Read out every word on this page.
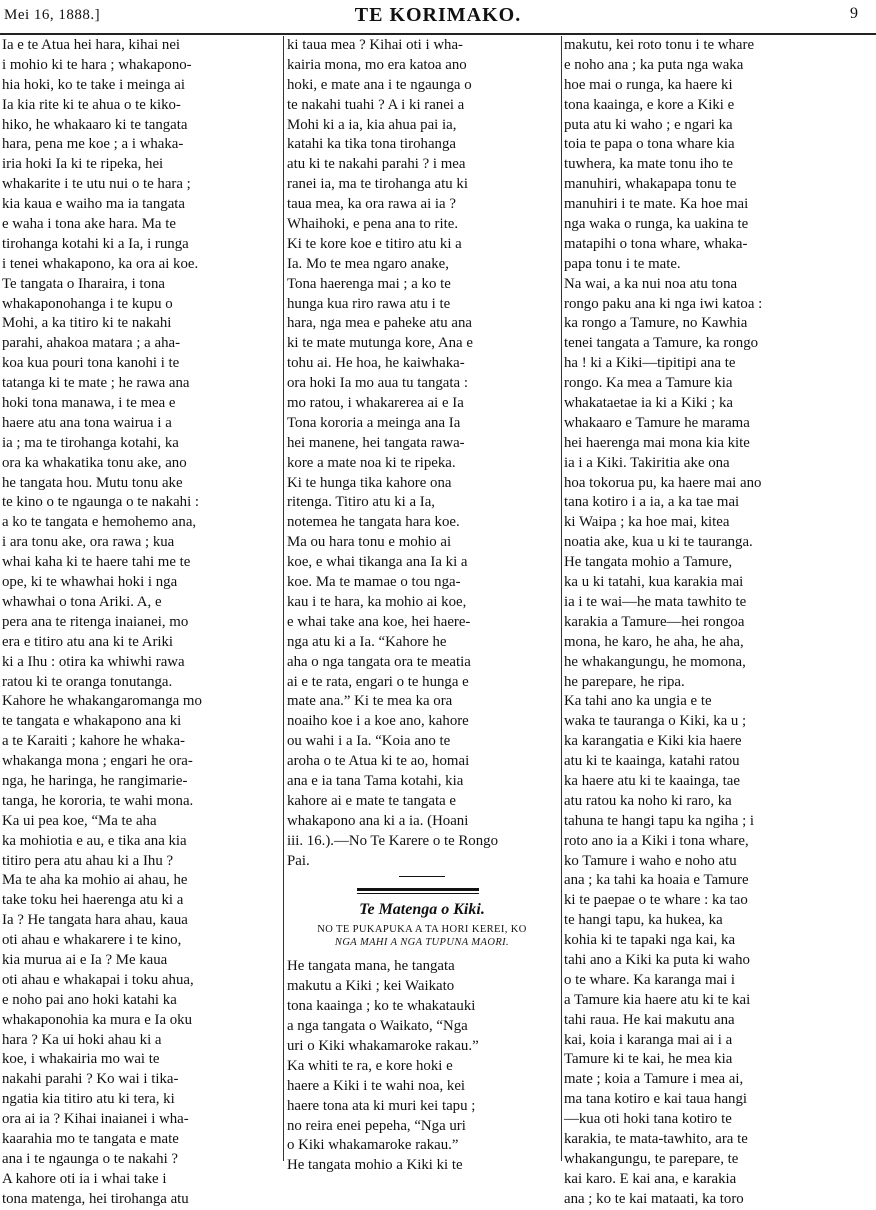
Mei 16, 1888.]	TE KORIMAKO.	9
Ia e te Atua hei hara, kihai nei
i mohio ki te hara ; whakapono-
hia hoki, ko te take i meinga ai
Ia kia rite ki te ahua o te kiko-
hiko, he whakaaro ki te tangata
hara, pena me koe ; a i whaka-
iria hoki Ia ki te ripeka, hei
whakarite i te utu nui o te hara ;
kia kaua e waiho ma ia tangata
e waha i tona ake hara. Ma te
tirohanga kotahi ki a Ia, i runga
i tenei whakapono, ka ora ai koe.
Te tangata o Iharaira, i tona
whakaponohanga i te kupu o
Mohi, a ka titiro ki te nakahi
parahi, ahakoa matara ; a aha-
koa kua pouri tona kanohi i te
tatanga ki te mate ; he rawa ana
hoki tona manawa, i te mea e
haere atu ana tona wairua i a
ia ; ma te tirohanga kotahi, ka
ora ka whakatika tonu ake, ano
he tangata hou. Mutu tonu ake
te kino o te ngaunga o te nakahi :
a ko te tangata e hemohemo ana,
i ara tonu ake, ora rawa ; kua
whai kaha ki te haere tahi me te
ope, ki te whawhai hoki i nga
whawhai o tona Ariki. A, e
pera ana te ritenga inaianei, mo
era e titiro atu ana ki te Ariki
ki a Ihu : otira ka whiwhi rawa
ratou ki te oranga tonutanga.
Kahore he whakangaromanga mo
te tangata e whakapono ana ki
a te Karaiti ; kahore he whaka-
whakanga mona ; engari he ora-
nga, he haringa, he rangimarie-
tanga, he kororia, te wahi mona.
Ka ui pea koe, “Ma te aha
ka mohiotia e au, e tika ana kia
titiro pera atu ahau ki a Ihu ?
Ma te aha ka mohio ai ahau, he
take toku hei haerenga atu ki a
Ia ? He tangata hara ahau, kaua
oti ahau e whakarere i te kino,
kia murua ai e Ia ? Me kaua
oti ahau e whakapai i toku ahua,
e noho pai ano hoki katahi ka
whakaponohia ka mura e Ia oku
hara ? Ka ui hoki ahau ki a
koe, i whakairia mo wai te
nakahi parahi ? Ko wai i tika-
ngatia kia titiro atu ki tera, ki
ora ai ia ? Kihai inaianei i wha-
kaarahia mo te tangata e mate
ana i te ngaunga o te nakahi ?
A kahore oti ia i whai take i
tona matenga, hei tirohanga atu
ki taua mea ? Kihai oti i wha-
kairia mona, mo era katoa ano
hoki, e mate ana i te ngaunga o
te nakahi tuahi ? A i ki ranei a
Mohi ki a ia, kia ahua pai ia,
katahi ka tika tona tirohanga
atu ki te nakahi parahi ? i mea
ranei ia, ma te tirohanga atu ki
taua mea, ka ora rawa ai ia ?
Whaihoki, e pena ana to rite.
Ki te kore koe e titiro atu ki a
Ia. Mo te mea ngaro anake,
Tona haerenga mai ; a ko te
hunga kua riro rawa atu i te
hara, nga mea e paheke atu ana
ki te mate mutunga kore, Ana e
tohu ai. He hoa, he kaiwhaka-
ora hoki Ia mo aua tu tangata :
mo ratou, i whakarerea ai e Ia
Tona kororia a meinga ana Ia
hei manene, hei tangata rawa-
kore a mate noa ki te ripeka.
Ki te hunga tika kahore ona
ritenga. Titiro atu ki a Ia,
notemea he tangata hara koe.
Ma ou hara tonu e mohio ai
koe, e whai tikanga ana Ia ki a
koe. Ma te mamae o tou nga-
kau i te hara, ka mohio ai koe,
e whai take ana koe, hei haere-
nga atu ki a Ia. “Kahore he
aha o nga tangata ora te meatia
ai e te rata, engari o te hunga e
mate ana.” Ki te mea ka ora
noaiho koe i a koe ano, kahore
ou wahi i a Ia. “Koia ano te
aroha o te Atua ki te ao, homai
ana e ia tana Tama kotahi, kia
kahore ai e mate te tangata e
whakapono ana ki a ia. (Hoani
iii. 16.).—No Te Karere o te Rongo
Pai.
Te Matenga o Kiki.
NO TE PUKAPUKA A TA HORI KEREI, KO
NGA MAHI A NGA TUPUNA MAORI.
He tangata mana, he tangata
makutu a Kiki ; kei Waikato
tona kaainga ; ko te whakatauki
a nga tangata o Waikato, “Nga
uri o Kiki whakamaroke rakau.”
Ka whiti te ra, e kore hoki e
haere a Kiki i te wahi noa, kei
haere tona ata ki muri kei tapu ;
no reira enei pepeha, “Nga uri
o Kiki whakamaroke rakau.”
He tangata mohio a Kiki ki te
makutu, kei roto tonu i te whare
e noho ana ; ka puta nga waka
hoe mai o runga, ka haere ki
tona kaainga, e kore a Kiki e
puta atu ki waho ; e ngari ka
toia te papa o tona whare kia
tuwhera, ka mate tonu iho te
manuhiri, whakapapa tonu te
manuhiri i te mate. Ka hoe mai
nga waka o runga, ka uakina te
matapihi o tona whare, whaka-
papa tonu i te mate.
Na wai, a ka nui noa atu tona
rongo paku ana ki nga iwi katoa :
ka rongo a Tamure, no Kawhia
tenei tangata a Tamure, ka rongo
ha ! ki a Kiki—tipitipi ana te
rongo. Ka mea a Tamure kia
whakataetae ia ki a Kiki ; ka
whakaaro e Tamure he marama
hei haerenga mai mona kia kite
ia i a Kiki. Takiritia ake ona
hoa tokorua pu, ka haere mai ano
tana kotiro i a ia, a ka tae mai
ki Waipa ; ka hoe mai, kitea
noatia ake, kua u ki te tauranga.
He tangata mohio a Tamure,
ka u ki tatahi, kua karakia mai
ia i te wai—he mata tawhito te
karakia a Tamure—hei rongoa
mona, he karo, he aha, he aha,
he whakangungu, he momona,
he parepare, he ripa.
Ka tahi ano ka ungia e te
waka te tauranga o Kiki, ka u ;
ka karangatia e Kiki kia haere
atu ki te kaainga, katahi ratou
ka haere atu ki te kaainga, tae
atu ratou ka noho ki raro, ka
tahuna te hangi tapu ka ngiha ; i
roto ano ia a Kiki i tona whare,
ko Tamure i waho e noho atu
ana ; ka tahi ka hoaia e Tamure
ki te paepae o te whare : ka tao
te hangi tapu, ka hukea, ka
kohia ki te tapaki nga kai, ka
tahi ano a Kiki ka puta ki waho
o te whare. Ka karanga mai i
a Tamure kia haere atu ki te kai
tahi raua. He kai makutu ana
kai, koia i karanga mai ai i a
Tamure ki te kai, he mea kia
mate ; koia a Tamure i mea ai,
ma tana kotiro e kai taua hangi
—kua oti hoki tana kotiro te
karakia, te mata-tawhito, ara te
whakangungu, te parepare, te
kai karo. E kai ana, e karakia
ana ; ko te kai mataati, ka toro
